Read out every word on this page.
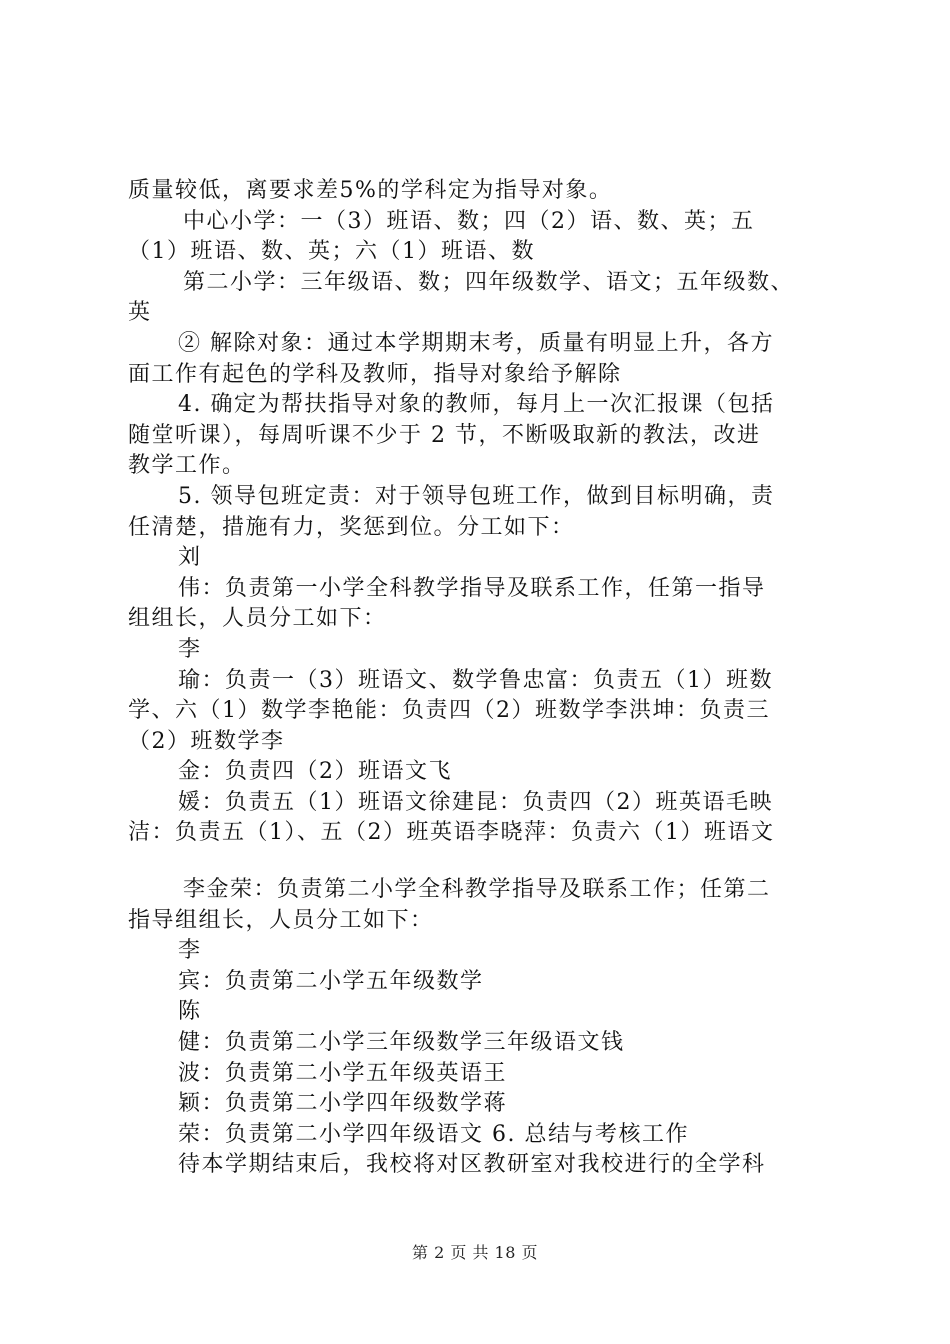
质量较低，离要求差5%的学科定为指导对象。
中心小学：一（3）班语、数；四（2）语、数、英；五
（1）班语、数、英；六（1）班语、数
第二小学：三年级语、数；四年级数学、语文；五年级数、
英
② 解除对象：通过本学期期末考，质量有明显上升，各方
面工作有起色的学科及教师，指导对象给予解除
4. 确定为帮扶指导对象的教师，每月上一次汇报课（包括
随堂听课），每周听课不少于 2 节，不断吸取新的教法，改进
教学工作。
5. 领导包班定责：对于领导包班工作，做到目标明确，责
任清楚，措施有力，奖惩到位。分工如下：
刘
伟：负责第一小学全科教学指导及联系工作，任第一指导
组组长，人员分工如下：
李
瑜：负责一（3）班语文、数学鲁忠富：负责五（1）班数
学、六（1）数学李艳能：负责四（2）班数学李洪坤：负责三
（2）班数学李
金：负责四（2）班语文飞
媛：负责五（1）班语文徐建昆：负责四（2）班英语毛映
洁：负责五（1）、五（2）班英语李晓萍：负责六（1）班语文
李金荣：负责第二小学全科教学指导及联系工作；任第二
指导组组长，人员分工如下：
李
宾：负责第二小学五年级数学
陈
健：负责第二小学三年级数学三年级语文钱
波：负责第二小学五年级英语王
颖：负责第二小学四年级数学蒋
荣：负责第二小学四年级语文 6. 总结与考核工作
待本学期结束后，我校将对区教研室对我校进行的全学科
第 2 页 共 18 页
